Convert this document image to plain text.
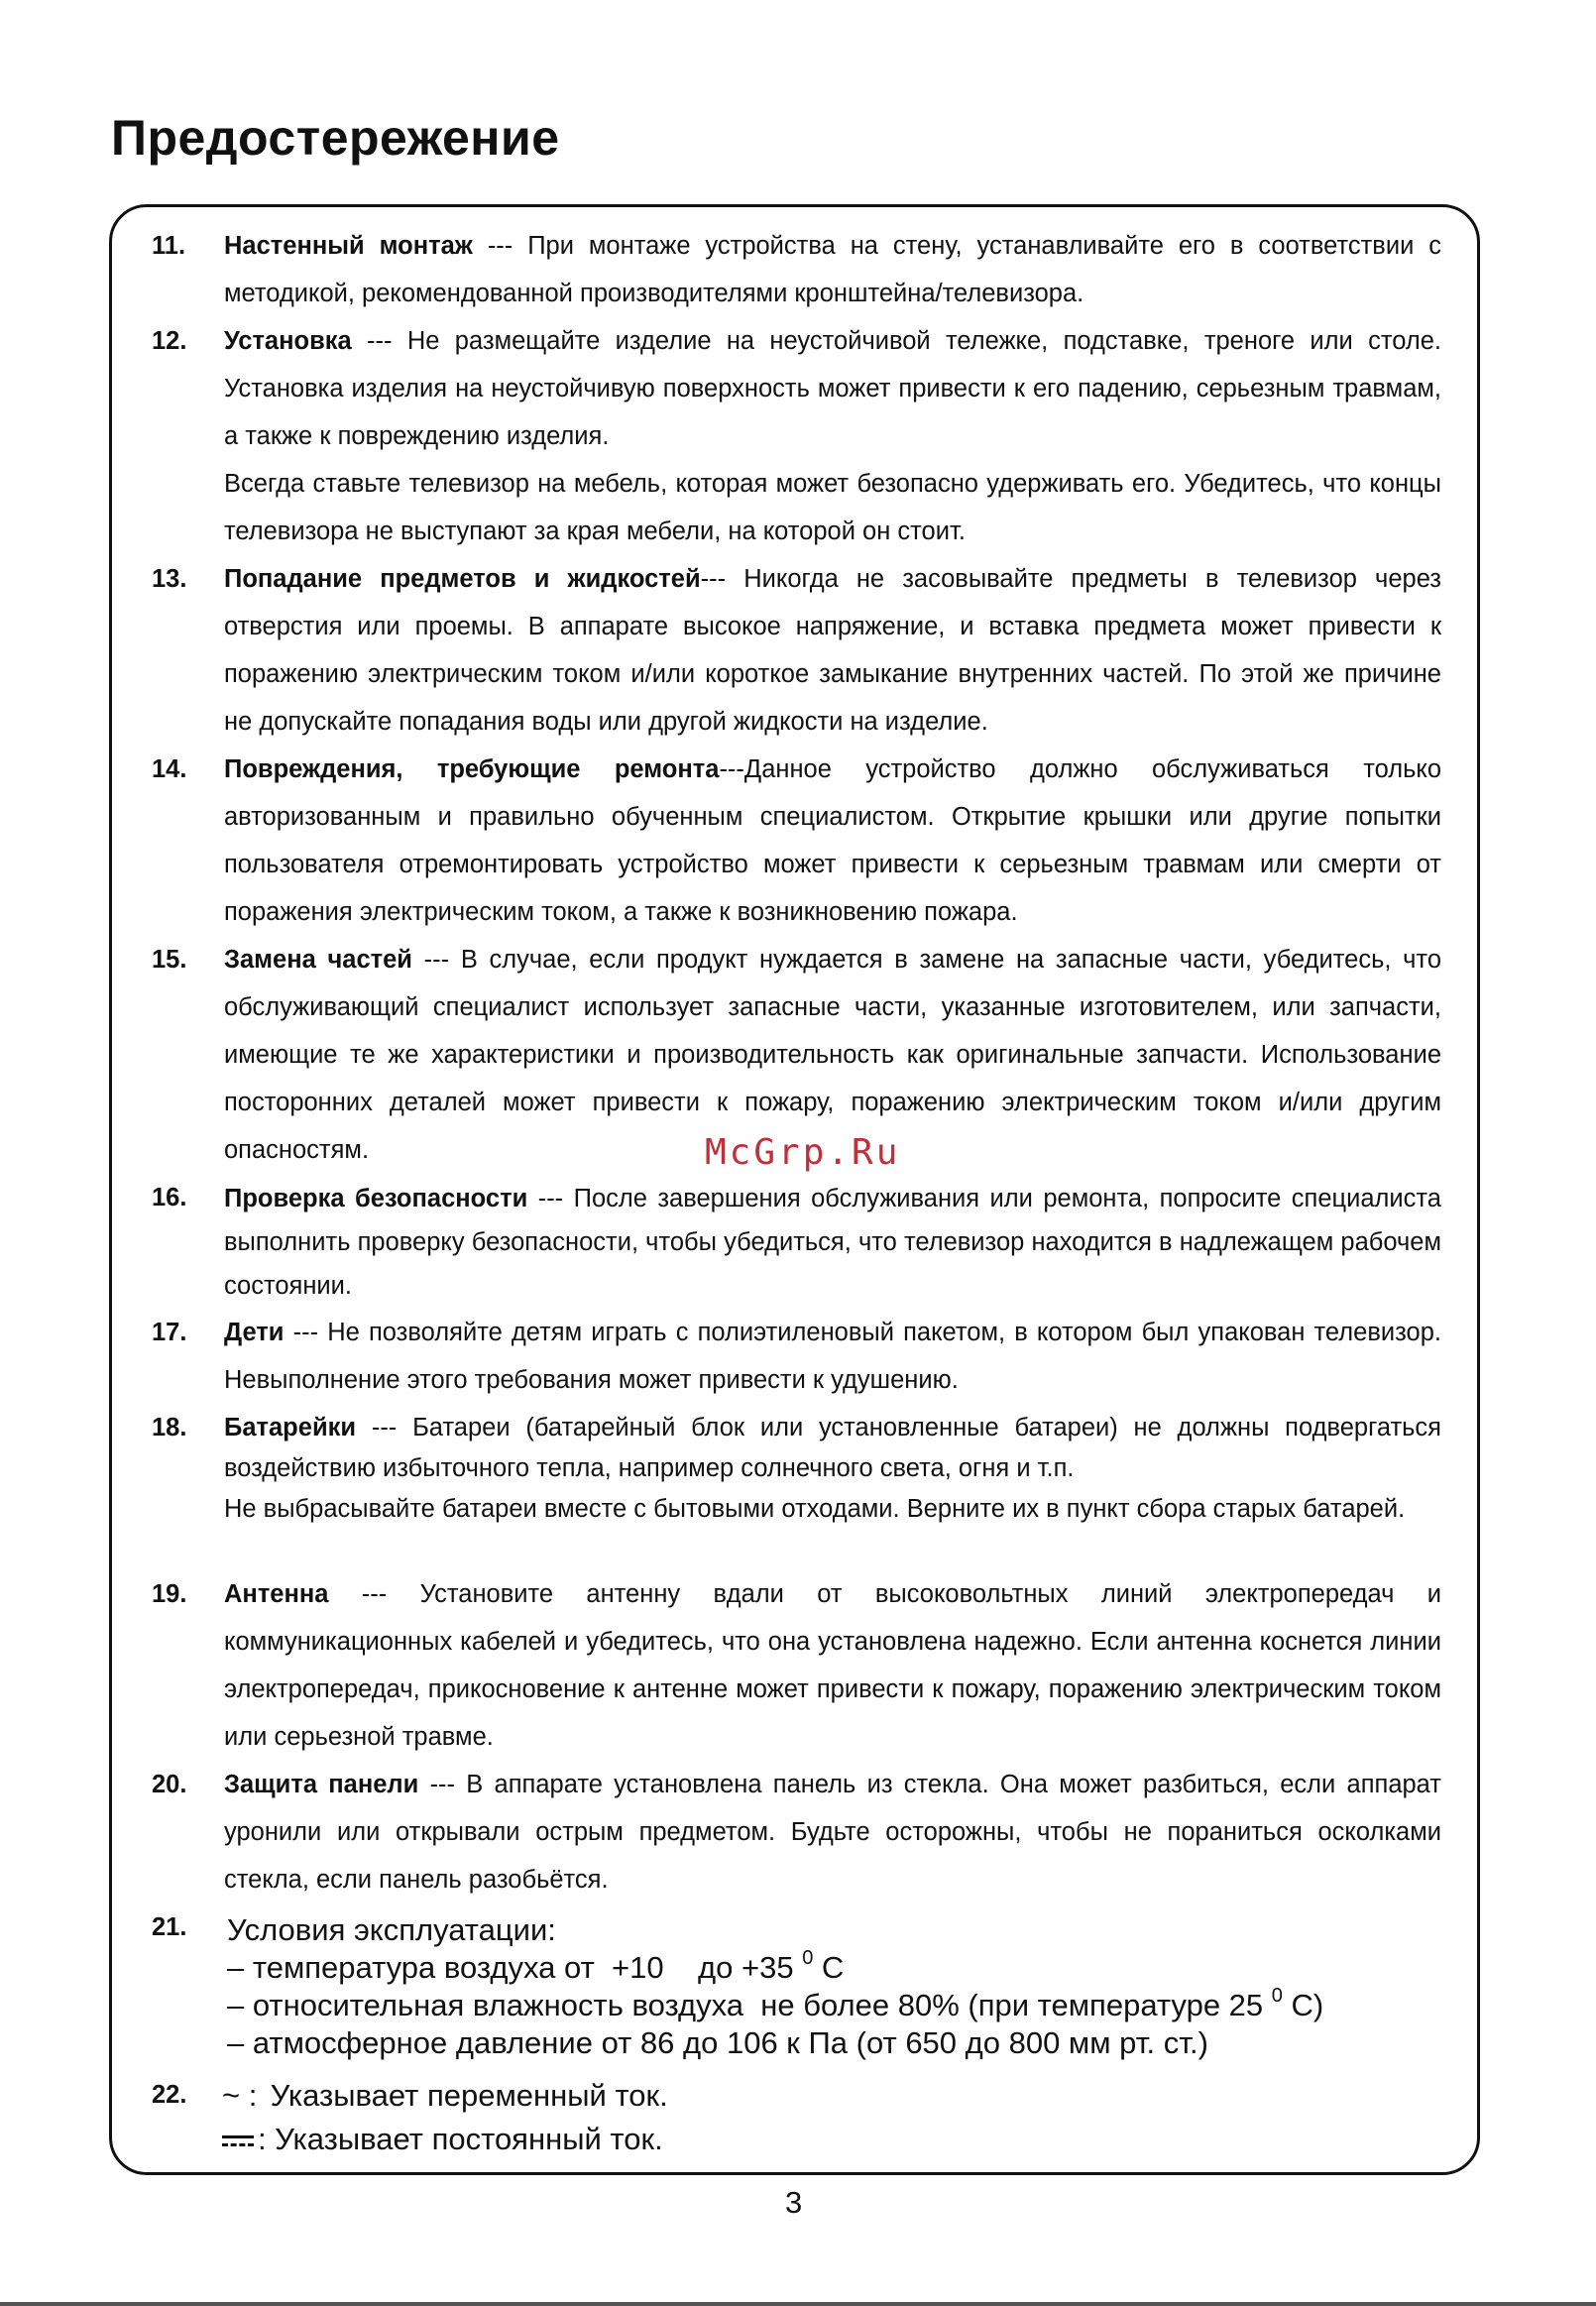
Предостережение
11. Настенный монтаж --- При монтаже устройства на стену, устанавливайте его в соответствии с методикой, рекомендованной производителями кронштейна/телевизора.

12. Установка --- Не размещайте изделие на неустойчивой тележке, подставке, треноге или столе. Установка изделия на неустойчивую поверхность может привести к его падению, серьезным травмам, а также к повреждению изделия.

Всегда ставьте телевизор на мебель, которая может безопасно удерживать его. Убедитесь, что концы телевизора не выступают за края мебели, на которой он стоит.

13. Попадание предметов и жидкостей--- Никогда не засовывайте предметы в телевизор через отверстия или проемы. В аппарате высокое напряжение, и вставка предмета может привести к поражению электрическим током и/или короткое замыкание внутренних частей. По этой же причине не допускайте попадания воды или другой жидкости на изделие.

14. Повреждения, требующие ремонта---Данное устройство должно обслуживаться только авторизованным и правильно обученным специалистом. Открытие крышки или другие попытки пользователя отремонтировать устройство может привести к серьезным травмам или смерти от поражения электрическим током, а также к возникновению пожара.

15. Замена частей --- В случае, если продукт нуждается в замене на запасные части, убедитесь, что обслуживающий специалист использует запасные части, указанные изготовителем, или запчасти, имеющие те же характеристики и производительность как оригинальные запчасти. Использование посторонних деталей может привести к пожару, поражению электрическим током и/или другим опасностям.

16. Проверка безопасности --- После завершения обслуживания или ремонта, попросите специалиста выполнить проверку безопасности, чтобы убедиться, что телевизор находится в надлежащем рабочем состоянии.

17. Дети --- Не позволяйте детям играть с полиэтиленовый пакетом, в котором был упакован телевизор. Невыполнение этого требования может привести к удушению.

18. Батарейки --- Батареи (батарейный блок или установленные батареи) не должны подвергаться воздействию избыточного тепла, например солнечного света, огня и т.п.

Не выбрасывайте батареи вместе с бытовыми отходами. Верните их в пункт сбора старых батарей.

19. Антенна --- Установите антенну вдали от высоковольтных линий электропередач и коммуникационных кабелей и убедитесь, что она установлена надежно. Если антенна коснется линии электропередач, прикосновение к антенне может привести к пожару, поражению электрическим током или серьезной травме.

20. Защита панели --- В аппарате установлена панель из стекла. Она может разбиться, если аппарат уронили или открывали острым предметом. Будьте осторожны, чтобы не пораниться осколками стекла, если панель разобьётся.

21. Условия эксплуатации:
– температура воздуха от  +10    до +35 $^0$ С
– относительная влажность воздуха  не более 80% (при температуре 25 $^0$ С)
– атмосферное давление от 86 до 106 к Па (от 650 до 800 мм рт. ст.)
22. ~ : Указывает переменный ток.
: Указывает постоянный ток.
McGrp.Ru
3
